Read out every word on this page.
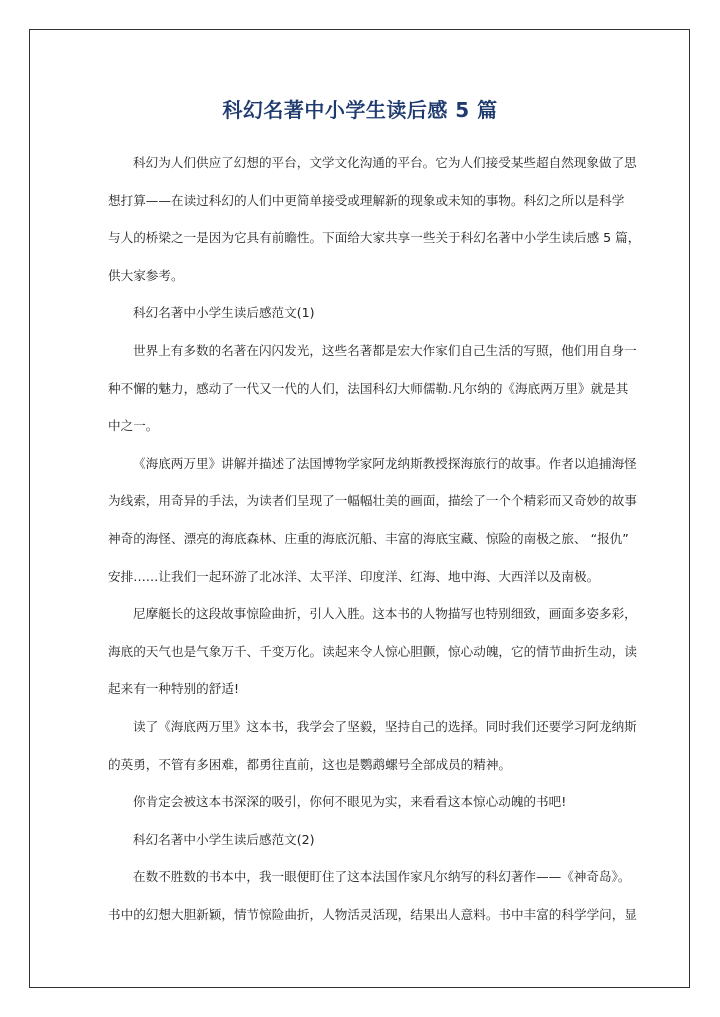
科幻名著中小学生读后感 5 篇
科幻为人们供应了幻想的平台，文学文化沟通的平台。它为人们接受某些超自然现象做了思
想打算——在读过科幻的人们中更简单接受或理解新的现象或未知的事物。科幻之所以是科学
与人的桥梁之一是因为它具有前瞻性。下面给大家共享一些关于科幻名著中小学生读后感 5 篇，
供大家参考。
科幻名著中小学生读后感范文(1)
世界上有多数的名著在闪闪发光，这些名著都是宏大作家们自己生活的写照，他们用自身一
种不懈的魅力，感动了一代又一代的人们，法国科幻大师儒勒.凡尔纳的《海底两万里》就是其
中之一。
《海底两万里》讲解并描述了法国博物学家阿龙纳斯教授探海旅行的故事。作者以追捕海怪
为线索，用奇异的手法，为读者们呈现了一幅幅壮美的画面，描绘了一个个精彩而又奇妙的故事
神奇的海怪、漂亮的海底森林、庄重的海底沉船、丰富的海底宝藏、惊险的南极之旅、 “报仇”
安排……让我们一起环游了北冰洋、太平洋、印度洋、红海、地中海、大西洋以及南极。
尼摩艇长的这段故事惊险曲折，引人入胜。这本书的人物描写也特别细致，画面多姿多彩，
海底的天气也是气象万千、千变万化。读起来令人惊心胆颤，惊心动魄，它的情节曲折生动，读
起来有一种特别的舒适!
读了《海底两万里》这本书，我学会了坚毅，坚持自己的选择。同时我们还要学习阿龙纳斯
的英勇，不管有多困难，都勇往直前，这也是鹦鹉螺号全部成员的精神。
你肯定会被这本书深深的吸引，你何不眼见为实，来看看这本惊心动魄的书吧!
科幻名著中小学生读后感范文(2)
在数不胜数的书本中，我一眼便盯住了这本法国作家凡尔纳写的科幻著作——《神奇岛》。
书中的幻想大胆新颖，情节惊险曲折，人物活灵活现，结果出人意料。书中丰富的科学学问，显
